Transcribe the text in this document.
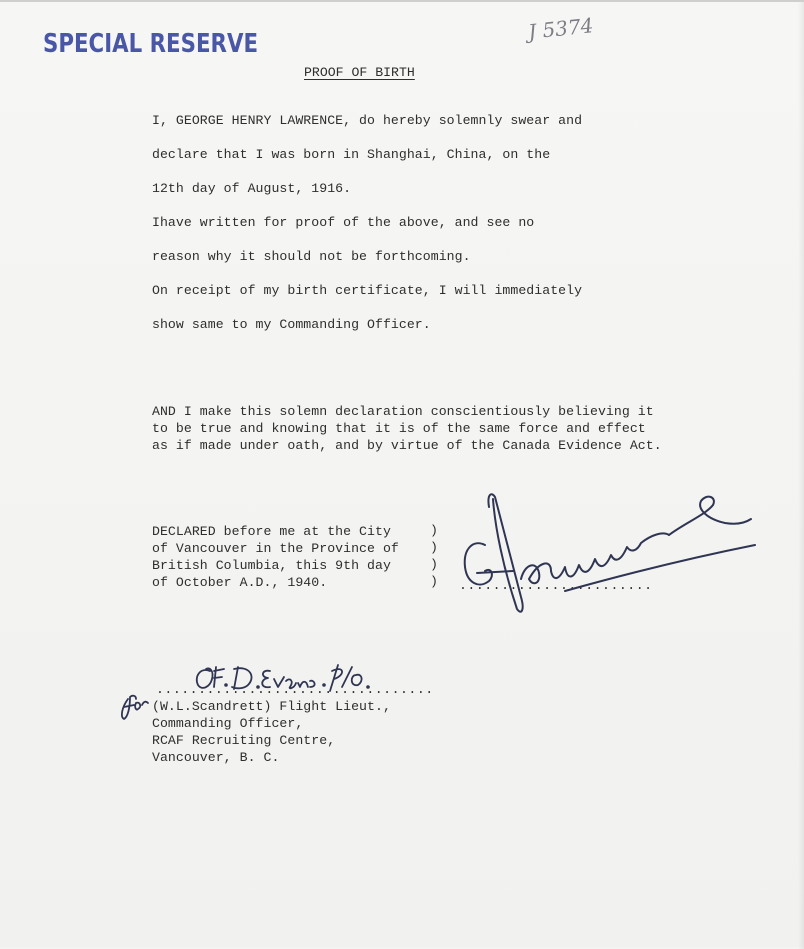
SPECIAL RESERVE
J 5374
PROOF OF BIRTH
I, GEORGE HENRY LAWRENCE, do hereby solemnly swear and
declare that I was born in Shanghai, China, on the
12th day of August, 1916.
Ihave written for proof of the above, and see no
reason why it should not be forthcoming.
On receipt of my birth certificate, I will immediately
show same to my Commanding Officer.
AND I make this solemn declaration conscientiously believing it
to be true and knowing that it is of the same force and effect
as if made under oath, and by virtue of the Canada Evidence Act.
DECLARED before me at the City
of Vancouver in the Province of
British Columbia, this 9th day
of October A.D., 1940.
)
)
)
) .......................
.................................
(W.L.Scandrett) Flight Lieut.,
Commanding Officer,
RCAF Recruiting Centre,
Vancouver, B. C.
